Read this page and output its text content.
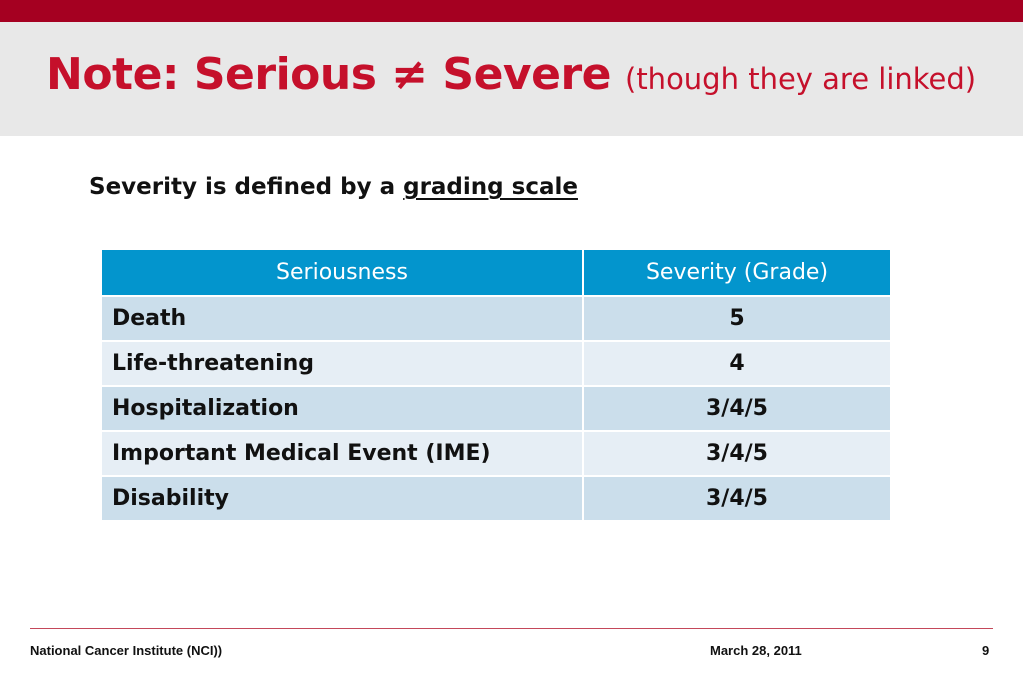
Note: Serious ≠ Severe (though they are linked)

Severity is defined by a grading scale

Seriousness	Severity (Grade)
Death	5
Life-threatening	4
Hospitalization	3/4/5
Important Medical Event (IME)	3/4/5
Disability	3/4/5

National Cancer Institute (NCI))	March 28, 2011	9
